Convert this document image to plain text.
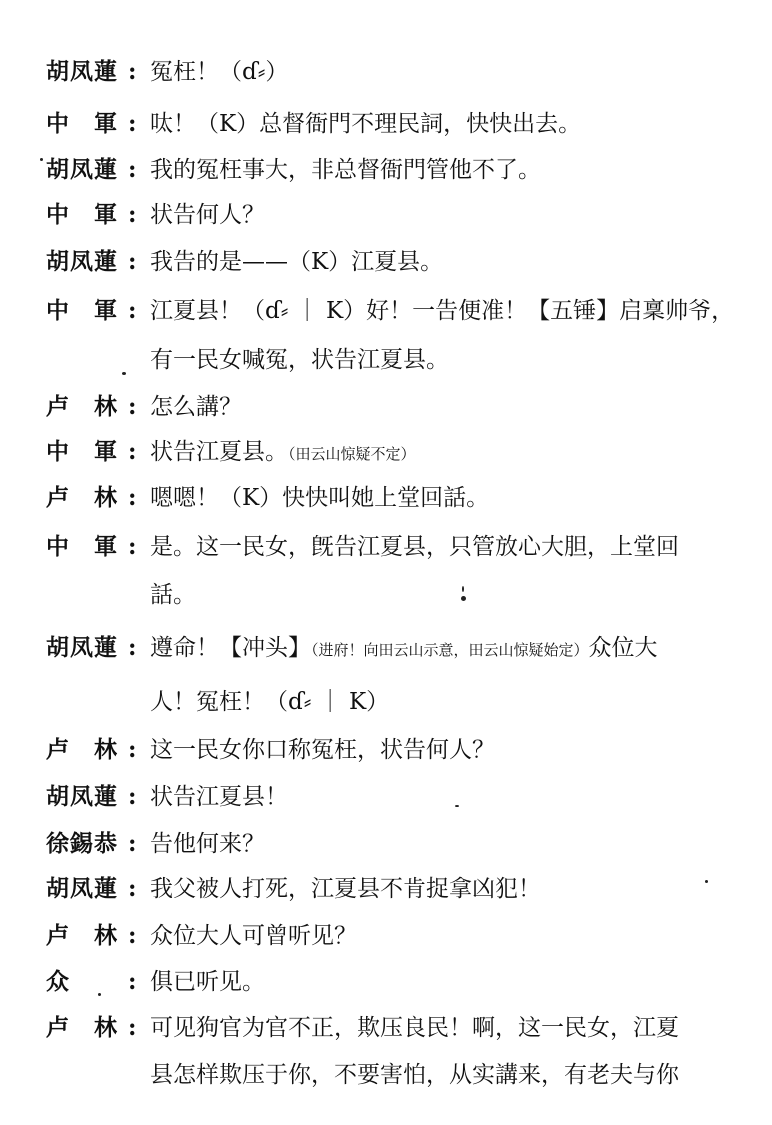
胡凤蓮 : 冤枉！（ɗ⸗）
中　軍 : 呔！（K）总督衙門不理民詞，快快出去。
胡凤蓮 : 我的冤枉事大，非总督衙門管他不了。
中　軍 : 状告何人？
胡凤蓮 : 我告的是——（K）江夏县。
中　軍 : 江夏县！（ɗ⸗ ｜ K）好！一告便准！【五锤】启稟帅爷，
有一民女喊冤，状告江夏县。
卢　林 : 怎么講？
中　軍 : 状告江夏县。（田云山惊疑不定）
卢　林 : 嗯嗯！（K）快快叫她上堂回話。
中　軍 : 是。这一民女，旣告江夏县，只管放心大胆，上堂回
話。
胡凤蓮 : 遵命！【冲头】（进府！向田云山示意，田云山惊疑始定）众位大
人！冤枉！（ɗ⸗ ｜ K）
卢　林 : 这一民女你口称冤枉，状告何人？
胡凤蓮 : 状告江夏县！
徐錫恭 : 告他何来？
胡凤蓮 : 我父被人打死，江夏县不肯捉拿凶犯！
卢　林 : 众位大人可曾听见？
众	: 俱已听见。
卢　林 : 可见狗官为官不正，欺压良民！啊，这一民女，江夏
县怎样欺压于你，不要害怕，从实講来，有老夫与你
